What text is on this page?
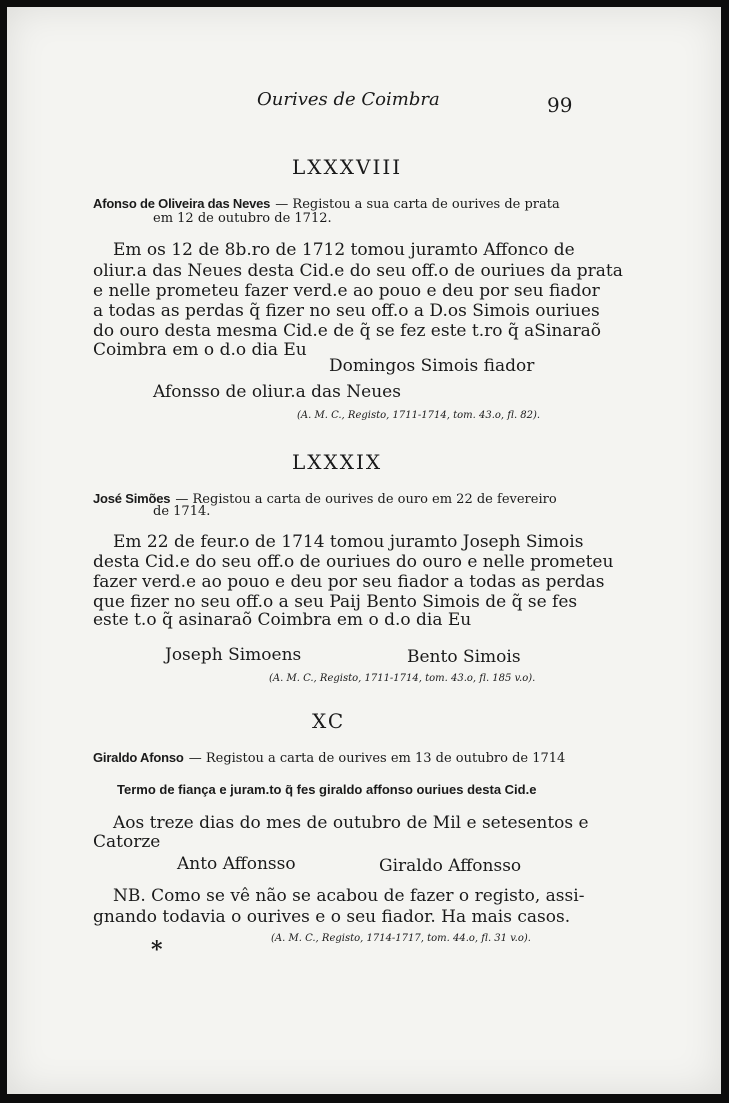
Ourives de Coimbra	99
LXXXVIII
Afonso de Oliveira das Neves — Registou a sua carta de ourives de prata
em 12 de outubro de 1712.
Em os 12 de 8b.ro de 1712 tomou juramto Affonco de
oliur.a das Neues desta Cid.e do seu off.o de ouriues da prata
e nelle prometeu fazer verd.e ao pouo e deu por seu fiador
a todas as perdas q̃ fizer no seu off.o a D.os Simois ouriues
do ouro desta mesma Cid.e de q̃ se fez este t.ro q̃ aSinaraõ
Coimbra em o d.o dia Eu
Domingos Simois fiador
Afonsso de oliur.a das Neues
(A. M. C., Registo, 1711-1714, tom. 43.o, fl. 82).
LXXXIX
José Simões — Registou a carta de ourives de ouro em 22 de fevereiro
de 1714.
Em 22 de feur.o de 1714 tomou juramto Joseph Simois
desta Cid.e do seu off.o de ouriues do ouro e nelle prometeu
fazer verd.e ao pouo e deu por seu fiador a todas as perdas
que fizer no seu off.o a seu Paij Bento Simois de q̃ se fes
este t.o q̃ asinaraõ Coimbra em o d.o dia Eu
Joseph Simoens	Bento Simois
(A. M. C., Registo, 1711-1714, tom. 43.o, fl. 185 v.o).
XC
Giraldo Afonso — Registou a carta de ourives em 13 de outubro de 1714
Termo de fiança e juram.to q̃ fes giraldo affonso ouriues desta Cid.e
Aos treze dias do mes de outubro de Mil e setesentos e
Catorze
Anto Affonsso	Giraldo Affonsso
NB. Como se vê não se acabou de fazer o registo, assi-
gnando todavia o ourives e o seu fiador. Ha mais casos.
(A. M. C., Registo, 1714-1717, tom. 44.o, fl. 31 v.o).
*
